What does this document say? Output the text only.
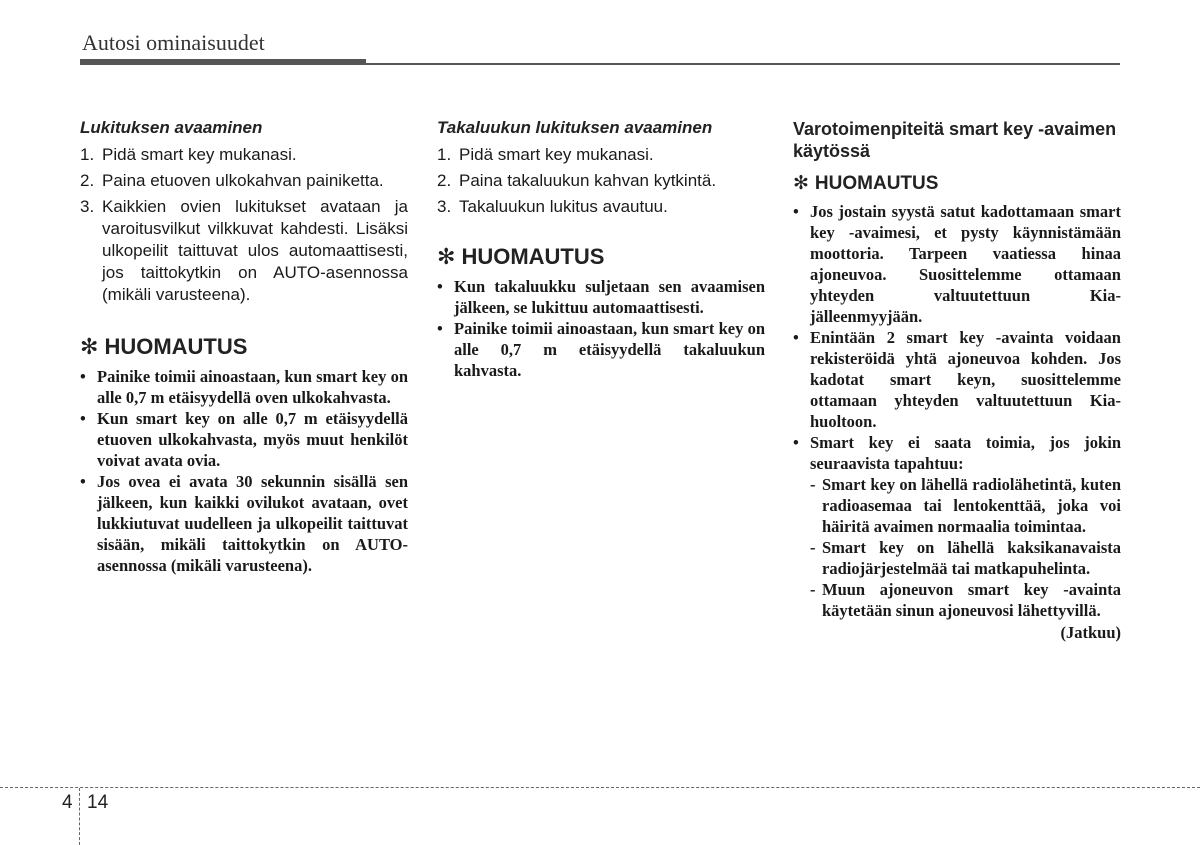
Autosi ominaisuudet
Lukituksen avaaminen
1. Pidä smart key mukanasi.
2. Paina etuoven ulkokahvan painiketta.
3. Kaikkien ovien lukitukset avataan ja varoitusvilkut vilkkuvat kahdesti. Lisäksi ulkopeilit taittuvat ulos automaattisesti, jos taittokytkin on AUTO-asennossa (mikäli varusteena).
✻ HUOMAUTUS
• Painike toimii ainoastaan, kun smart key on alle 0,7 m etäisyydellä oven ulkokahvasta.
• Kun smart key on alle 0,7 m etäisyydellä etuoven ulkokahvasta, myös muut henkilöt voivat avata ovia.
• Jos ovea ei avata 30 sekunnin sisällä sen jälkeen, kun kaikki ovilukot avataan, ovet lukkiutuvat uudelleen ja ulkopeilit taittuvat sisään, mikäli taittokytkin on AUTO-asennossa (mikäli varusteena).
Takaluukun lukituksen avaaminen
1. Pidä smart key mukanasi.
2. Paina takaluukun kahvan kytkintä.
3. Takaluukun lukitus avautuu.
✻ HUOMAUTUS
• Kun takaluukku suljetaan sen avaamisen jälkeen, se lukittuu automaattisesti.
• Painike toimii ainoastaan, kun smart key on alle 0,7 m etäisyydellä takaluukun kahvasta.
Varotoimenpiteitä smart key -avaimen käytössä
✻ HUOMAUTUS
• Jos jostain syystä satut kadottamaan smart key -avaimesi, et pysty käynnistämään moottoria. Tarpeen vaatiessa hinaa ajoneuvoa. Suosittelemme ottamaan yhteyden valtuutettuun Kia-jälleenmyyjään.
• Enintään 2 smart key -avainta voidaan rekisteröidä yhtä ajoneuvoa kohden. Jos kadotat smart keyn, suosittelemme ottamaan yhteyden valtuutettuun Kia-huoltoon.
• Smart key ei saata toimia, jos jokin seuraavista tapahtuu:
- Smart key on lähellä radiolähetintä, kuten radioasemaa tai lentokenttää, joka voi häiritä avaimen normaalia toimintaa.
- Smart key on lähellä kaksikanavaista radiojärjestelmää tai matkapuhelinta.
- Muun ajoneuvon smart key -avainta käytetään sinun ajoneuvosi lähettyvillä.
(Jatkuu)
4 14
